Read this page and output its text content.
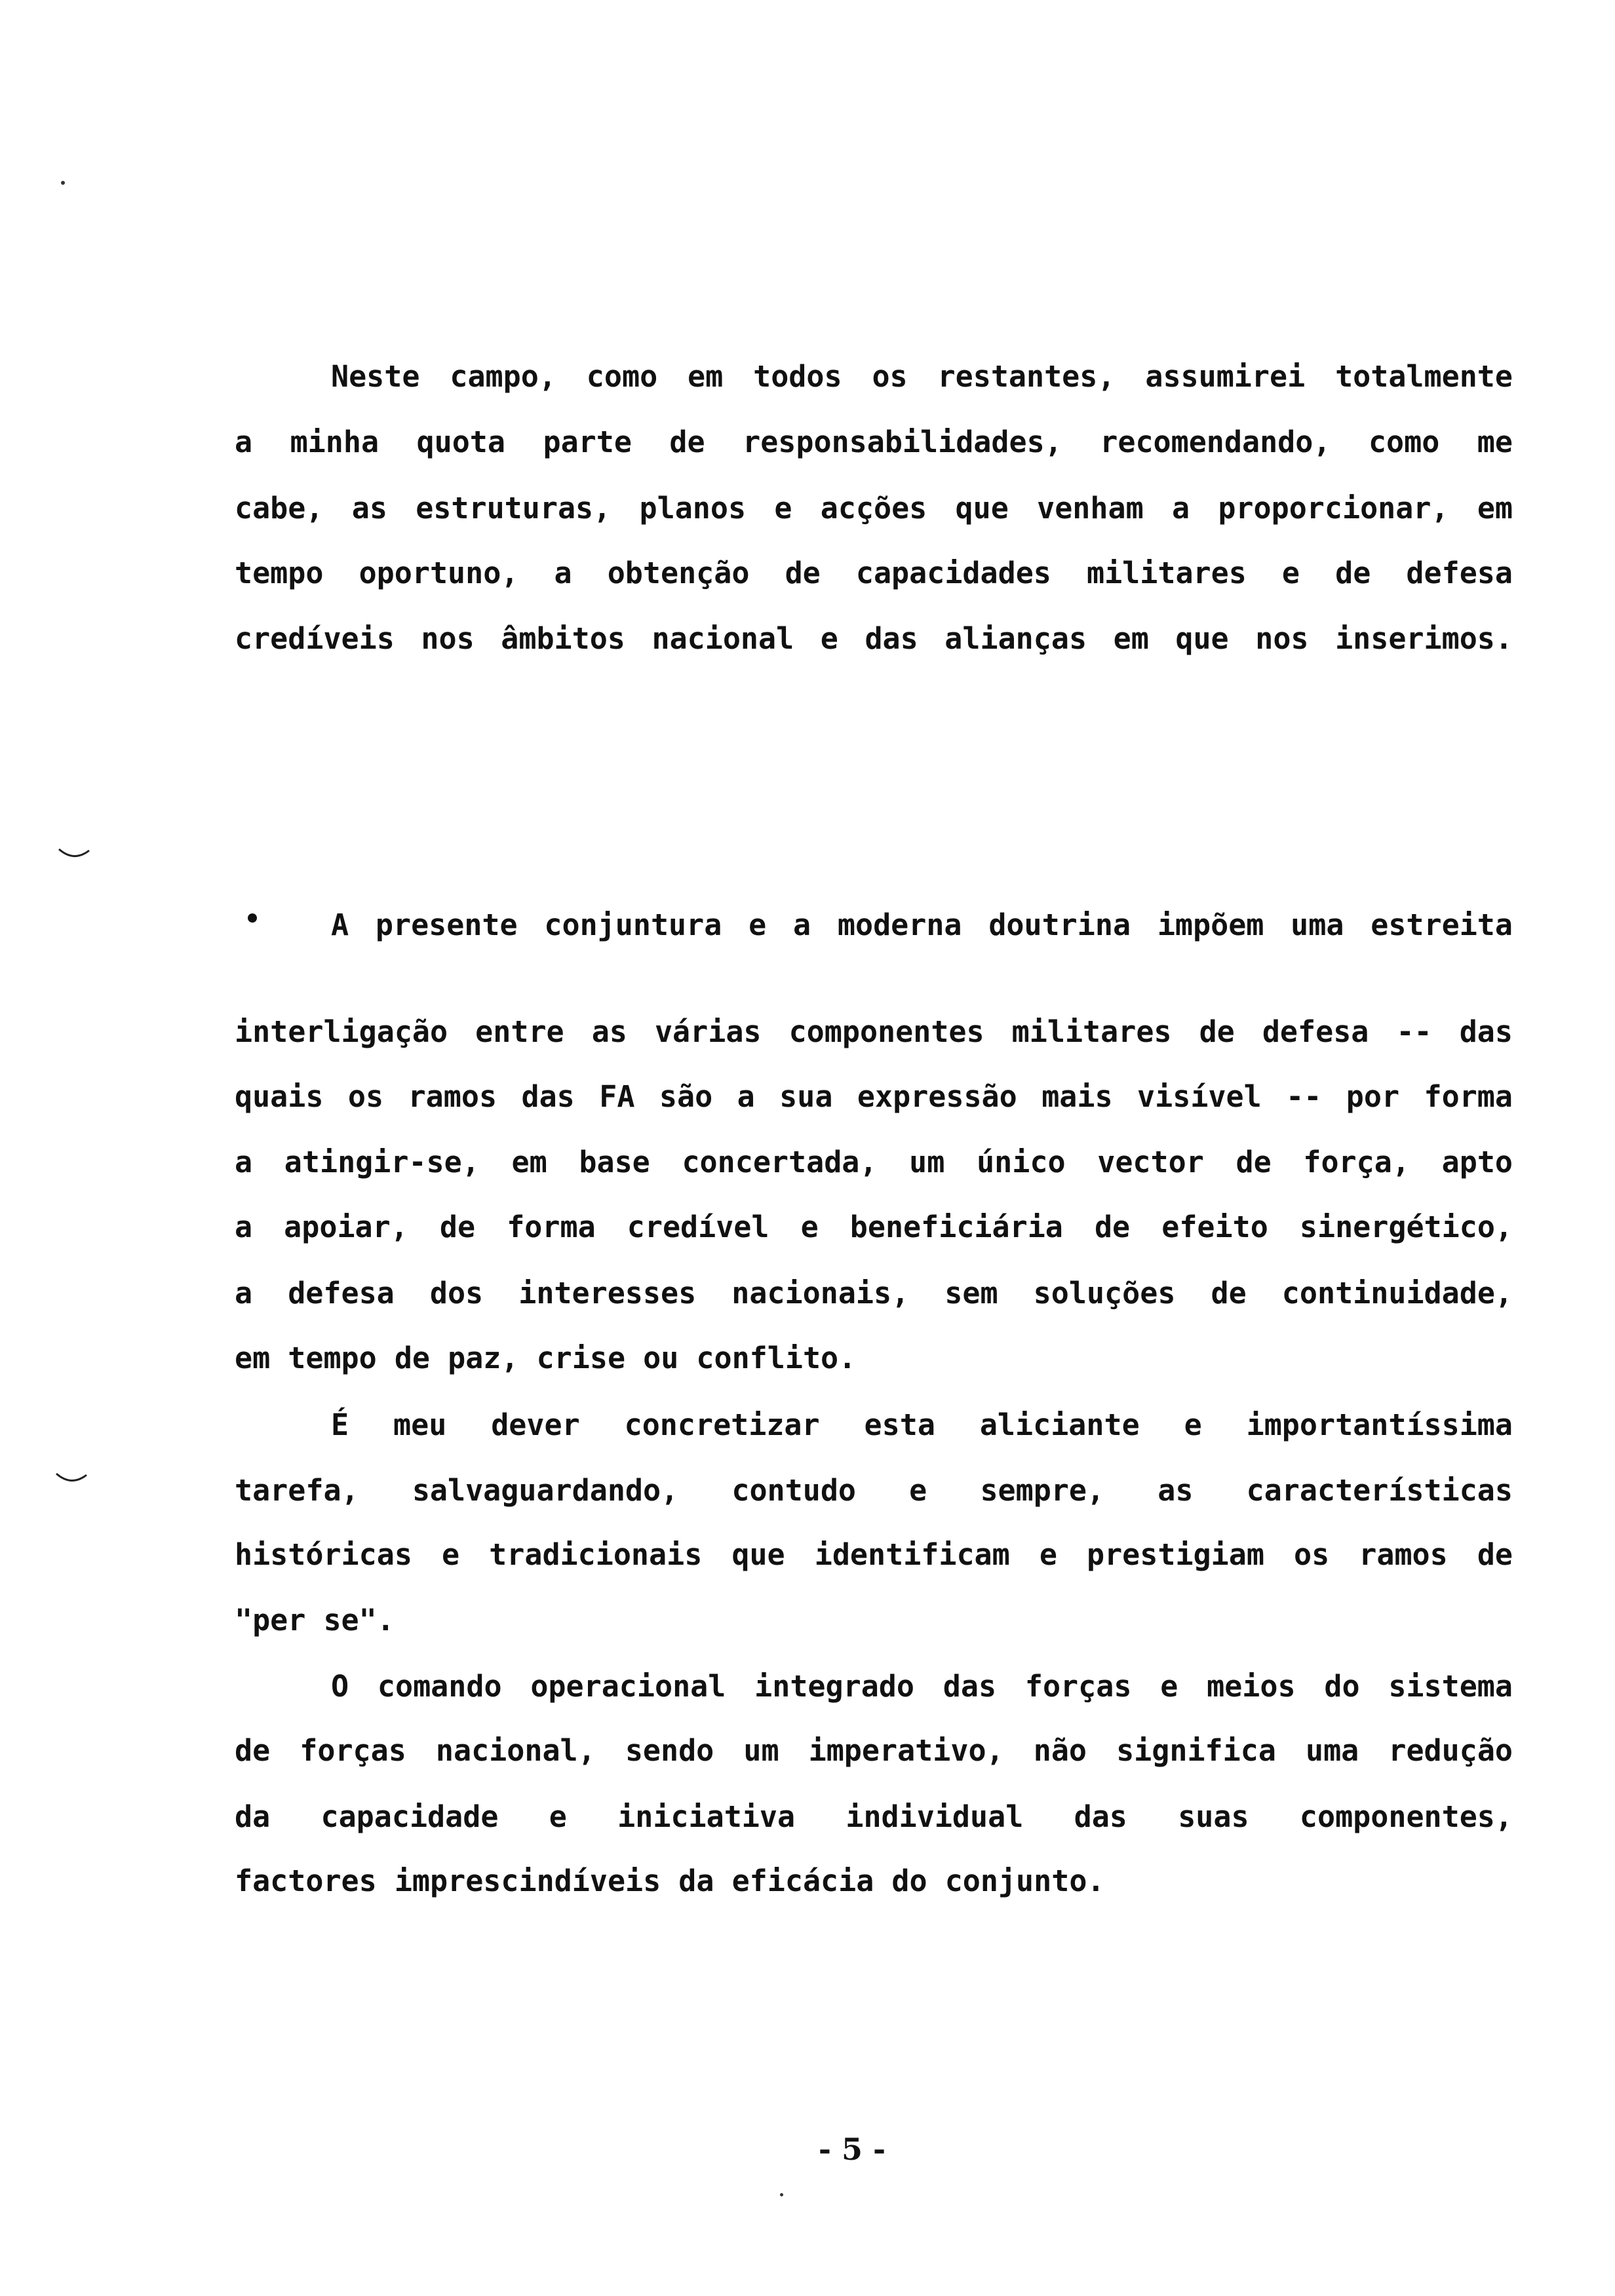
Neste campo, como em todos os restantes, assumirei totalmente
a minha quota parte de responsabilidades, recomendando, como me
cabe, as estruturas, planos e acções que venham a proporcionar, em
tempo oportuno, a obtenção de capacidades militares e de defesa
credíveis nos âmbitos nacional e das alianças em que nos inserimos.
A presente conjuntura e a moderna doutrina impõem uma estreita
interligação entre as várias componentes militares de defesa -- das
quais os ramos das FA são a sua expressão mais visível -- por forma
a atingir-se, em base concertada, um único vector de força, apto
a apoiar, de forma credível e beneficiária de efeito sinergético,
a defesa dos interesses nacionais, sem soluções de continuidade,
em tempo de paz, crise ou conflito.
É meu dever concretizar esta aliciante e importantíssima
tarefa, salvaguardando, contudo e sempre, as características
históricas e tradicionais que identificam e prestigiam os ramos de
"per se".
O comando operacional integrado das forças e meios do sistema
de forças nacional, sendo um imperativo, não significa uma redução
da capacidade e iniciativa individual das suas componentes,
factores imprescindíveis da eficácia do conjunto.
- 5 -
